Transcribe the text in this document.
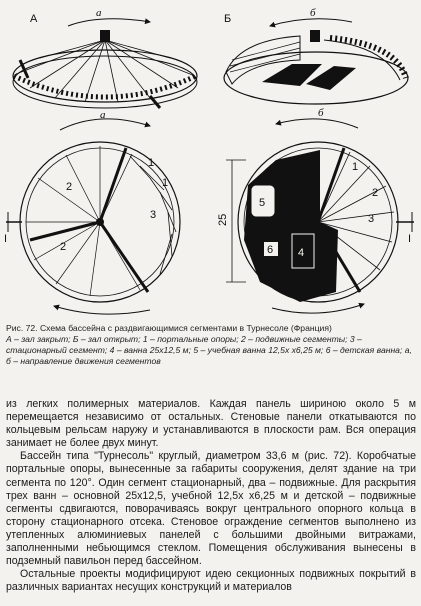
А	а	Б	б
а
I
1
2
3
1
2
б
5
6 4
25
I
1
2
3
Рис. 72. Схема бассейна с раздвигающимися сегментами в Турнесоле (Франция)
А – зал закрыт; Б – зал открыт; 1 – портальные опоры; 2 – подвижные сегменты; 3 – стационарный сегмент; 4 – ванна 25х12,5 м; 5 – учебная ванна 12,5х х6,25 м; 6 – детская ванна; а, б – направление движения сегментов

из легких полимерных материалов. Каждая панель шириною около 5 м перемещается независимо от остальных. Стеновые панели откатываются по кольцевым рельсам наружу и устанавливаются в плоскости рам. Вся операция занимает не более двух минут.

Бассейн типа "Турнесоль" круглый, диаметром 33,6 м (рис. 72). Коробчатые портальные опоры, вынесенные за габариты сооружения, делят здание на три сегмента по 120°. Один сегмент стационарный, два – подвижные. Для раскрытия трех ванн – основной 25х12,5, учебной 12,5х х6,25 м и детской – подвижные сегменты сдвигаются, поворачиваясь вокруг центрального опорного кольца в сторону стационарного отсека. Стеновое ограждение сегментов выполнено из утепленных алюминиевых панелей с большими двойными витражами, заполненными небьющимся стеклом. Помещения обслуживания вынесены в подземный павильон перед бассейном.

Остальные проекты модифицируют идею секционных подвижных покрытий в различных вариантах несущих конструкций и материалов
